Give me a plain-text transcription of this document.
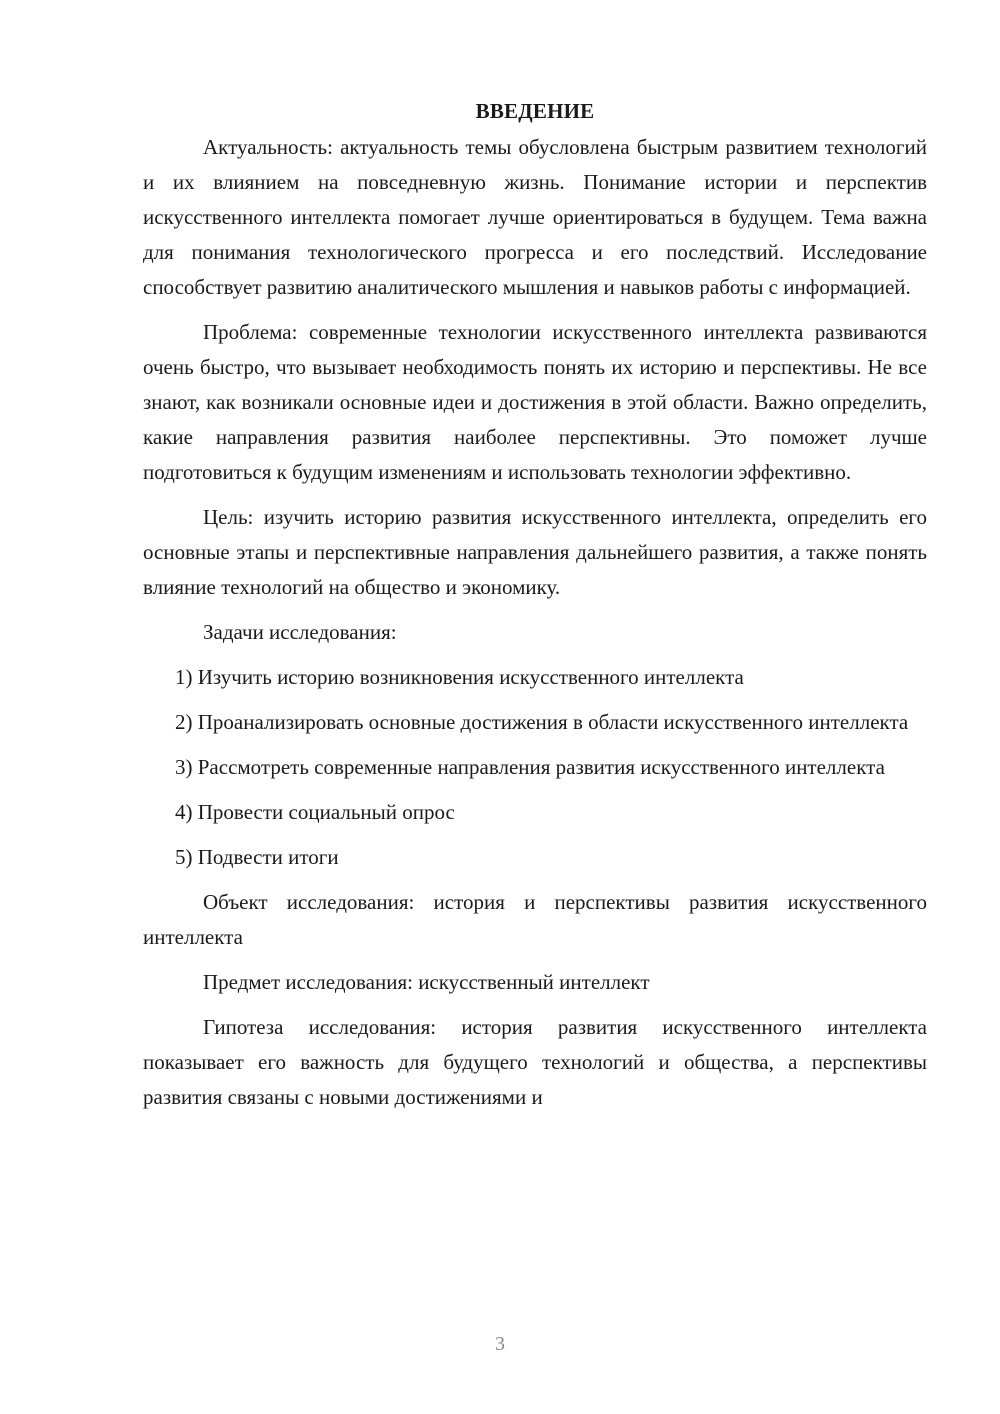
ВВЕДЕНИЕ

Актуальность: актуальность темы обусловлена быстрым развитием технологий и их влиянием на повседневную жизнь. Понимание истории и перспектив искусственного интеллекта помогает лучше ориентироваться в будущем. Тема важна для понимания технологического прогресса и его последствий. Исследование способствует развитию аналитического мышления и навыков работы с информацией.

Проблема: современные технологии искусственного интеллекта развиваются очень быстро, что вызывает необходимость понять их историю и перспективы. Не все знают, как возникали основные идеи и достижения в этой области. Важно определить, какие направления развития наиболее перспективны. Это поможет лучше подготовиться к будущим изменениям и использовать технологии эффективно.

Цель: изучить историю развития искусственного интеллекта, определить его основные этапы и перспективные направления дальнейшего развития, а также понять влияние технологий на общество и экономику.

Задачи исследования:

1) Изучить историю возникновения искусственного интеллекта

2) Проанализировать основные достижения в области искусственного интеллекта

3) Рассмотреть современные направления развития искусственного интеллекта

4) Провести социальный опрос

5) Подвести итоги

Объект исследования: история и перспективы развития искусственного интеллекта

Предмет исследования: искусственный интеллект

Гипотеза исследования: история развития искусственного интеллекта показывает его важность для будущего технологий и общества, а перспективы развития связаны с новыми достижениями и

3
